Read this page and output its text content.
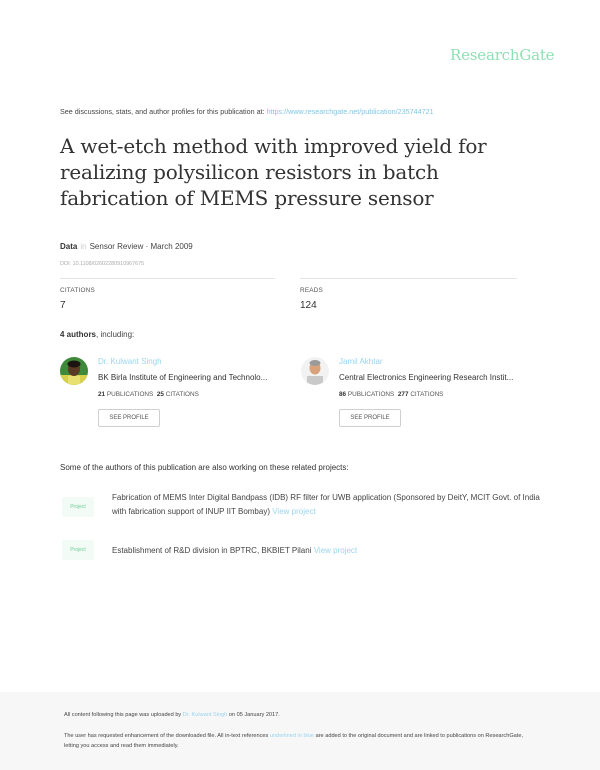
ResearchGate
See discussions, stats, and author profiles for this publication at: https://www.researchgate.net/publication/235744721
A wet-etch method with improved yield for realizing polysilicon resistors in batch fabrication of MEMS pressure sensor
Data in Sensor Review · March 2009
DOI: 10.1108/02602280910967675
CITATIONS
7
READS
124
4 authors, including:
Dr. Kulwant Singh
BK Birla Institute of Engineering and Technolo...
21 PUBLICATIONS 25 CITATIONS
SEE PROFILE
Jamil Akhtar
Central Electronics Engineering Research Instit...
86 PUBLICATIONS 277 CITATIONS
SEE PROFILE
Some of the authors of this publication are also working on these related projects:
Project
Fabrication of MEMS Inter Digital Bandpass (IDB) RF filter for UWB application (Sponsored by DeitY, MCIT Govt. of India with fabrication support of INUP IIT Bombay) View project
Project	Establishment of R&D division in BPTRC, BKBIET Pilani View project
All content following this page was uploaded by Dr. Kulwant Singh on 05 January 2017.
The user has requested enhancement of the downloaded file. All in-text references underlined in blue are added to the original document and are linked to publications on ResearchGate, letting you access and read them immediately.
